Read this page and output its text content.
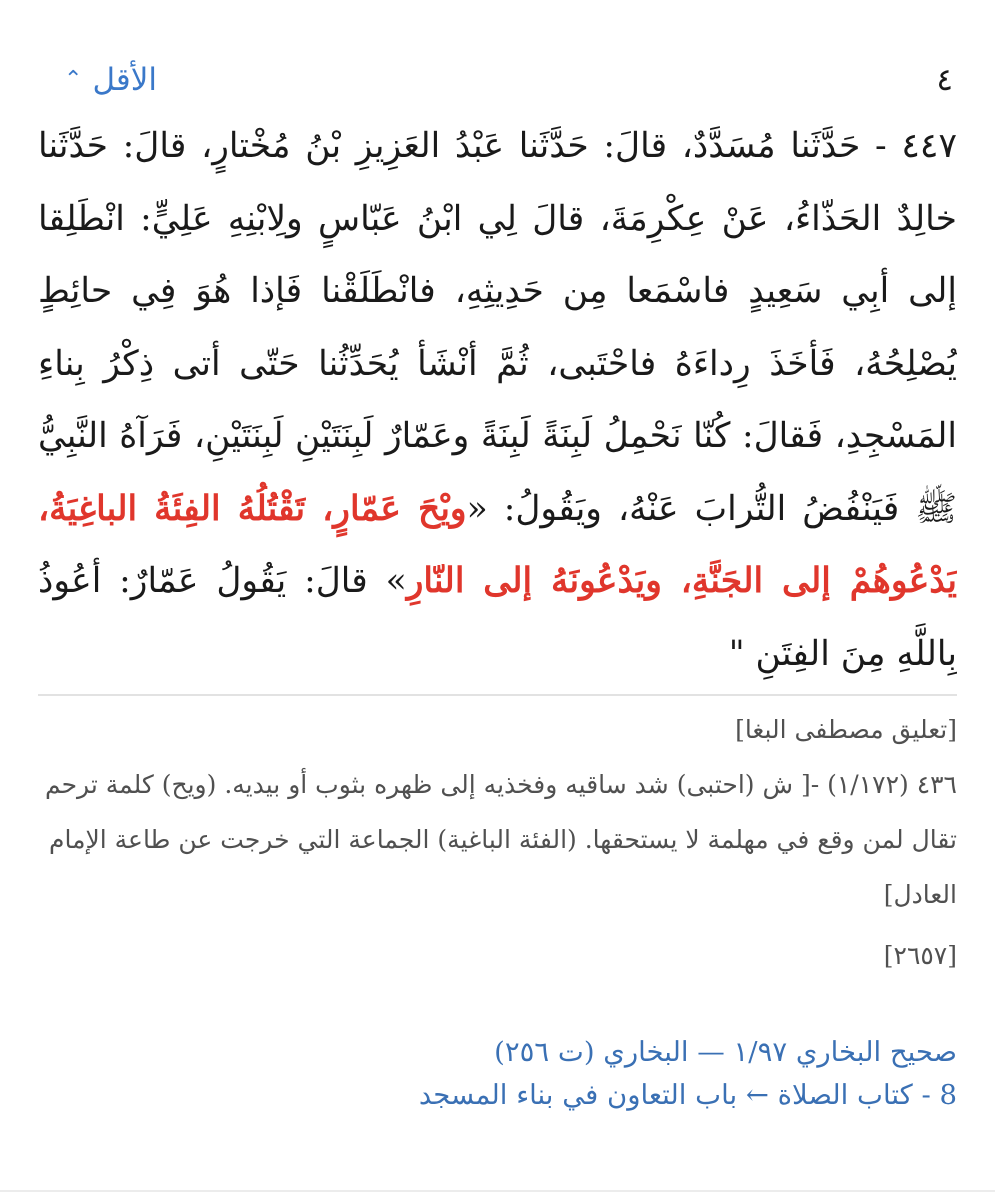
الأقل
⌃	٤
٤٤٧ - حَدَّثَنا مُسَدَّدٌ، قالَ: حَدَّثَنا عَبْدُ العَزِيزِ بْنُ مُخْتارٍ، قالَ: حَدَّثَنا خالِدٌ الحَذّاءُ، عَنْ عِكْرِمَةَ، قالَ لِي ابْنُ عَبّاسٍ ولِابْنِهِ عَلِيٍّ: انْطَلِقا إلى أبِي سَعِيدٍ فاسْمَعا مِن حَدِيثِهِ، فانْطَلَقْنا فَإذا هُوَ فِي حائِطٍ يُصْلِحُهُ، فَأخَذَ رِداءَهُ فاحْتَبى، ثُمَّ أنْشَأ يُحَدِّثُنا حَتّى أتى ذِكْرُ بِناءِ المَسْجِدِ، فَقالَ: كُنّا نَحْمِلُ لَبِنَةً لَبِنَةً وعَمّارٌ لَبِنَتَيْنِ لَبِنَتَيْنِ، فَرَآهُ النَّبِيُّ ﷺ فَيَنْفُضُ التُّرابَ عَنْهُ، ويَقُولُ: «ويْحَ عَمّارٍ، تَقْتُلُهُ الفِئَةُ الباغِيَةُ، يَدْعُوهُمْ إلى الجَنَّةِ، ويَدْعُونَهُ إلى النّارِ» قالَ: يَقُولُ عَمّارٌ: أعُوذُ بِاللَّهِ مِنَ الفِتَنِ "

[تعليق مصطفى البغا]

٤٣٦ (١/١٧٢) -[ ش (احتبى) شد ساقيه وفخذيه إلى ظهره بثوب أو بيديه. (ويح) كلمة ترحم تقال لمن وقع في مهلمة لا يستحقها. (الفئة الباغية) الجماعة التي خرجت عن طاعة الإمام العادل]

[٢٦٥٧]

صحيح البخاري ١/٩٧ — البخاري (ت ٢٥٦)
8 - كتاب الصلاة ← باب التعاون في بناء المسجد
